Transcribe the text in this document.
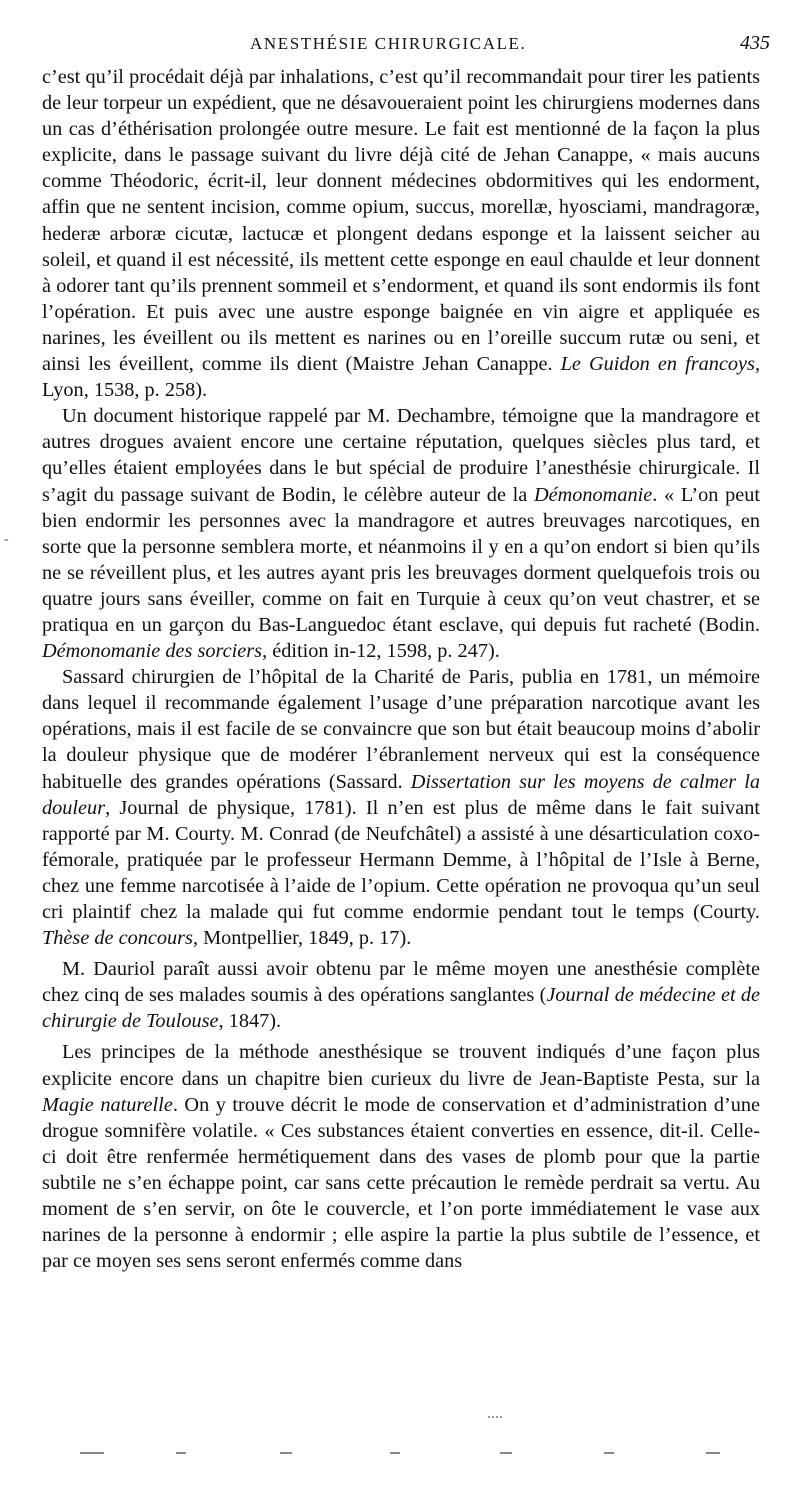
ANESTHÉSIE CHIRURGICALE.	435
-

c’est qu’il procédait déjà par inhalations, c’est qu’il recommandait pour tirer les patients de leur torpeur un expédient, que ne désavoueraient point les chirurgiens modernes dans un cas d’éthérisation prolongée outre mesure. Le fait est mentionné de la façon la plus explicite, dans le passage suivant du livre déjà cité de Jehan Canappe, « mais aucuns comme Théodoric, écrit-il, leur donnent médecines obdormitives qui les endorment, affin que ne sentent incision, comme opium, succus, morellæ, hyosciami, mandragoræ, hederæ arboræ cicutæ, lactucæ et plongent dedans esponge et la laissent seicher au soleil, et quand il est nécessité, ils mettent cette esponge en eaul chaulde et leur donnent à odorer tant qu’ils prennent sommeil et s’endorment, et quand ils sont endormis ils font l’opération. Et puis avec une austre esponge baignée en vin aigre et appliquée es narines, les éveillent ou ils mettent es narines ou en l’oreille succum rutæ ou seni, et ainsi les éveillent, comme ils dient (Maistre Jehan Canappe. Le Guidon en francoys, Lyon, 1538, p. 258).

Un document historique rappelé par M. Dechambre, témoigne que la mandragore et autres drogues avaient encore une certaine réputation, quelques siècles plus tard, et qu’elles étaient employées dans le but spécial de produire l’anesthésie chirurgicale. Il s’agit du passage suivant de Bodin, le célèbre auteur de la Démonomanie. « L’on peut bien endormir les personnes avec la mandragore et autres breuvages narcotiques, en sorte que la personne semblera morte, et néanmoins il y en a qu’on endort si bien qu’ils ne se réveillent plus, et les autres ayant pris les breuvages dorment quelquefois trois ou quatre jours sans éveiller, comme on fait en Turquie à ceux qu’on veut chastrer, et se pratiqua en un garçon du Bas-Languedoc étant esclave, qui depuis fut racheté (Bodin. Démonomanie des sorciers, édition in-12, 1598, p. 247).

Sassard chirurgien de l’hôpital de la Charité de Paris, publia en 1781, un mémoire dans lequel il recommande également l’usage d’une préparation narcotique avant les opérations, mais il est facile de se convaincre que son but était beaucoup moins d’abolir la douleur physique que de modérer l’ébranlement nerveux qui est la conséquence habituelle des grandes opérations (Sassard. Dissertation sur les moyens de calmer la douleur, Journal de physique, 1781). Il n’en est plus de même dans le fait suivant rapporté par M. Courty. M. Conrad (de Neufchâtel) a assisté à une désarticulation coxo-fémorale, pratiquée par le professeur Hermann Demme, à l’hôpital de l’Isle à Berne, chez une femme narcotisée à l’aide de l’opium. Cette opération ne provoqua qu’un seul cri plaintif chez la malade qui fut comme endormie pendant tout le temps (Courty. Thèse de concours, Montpellier, 1849, p. 17).

M. Dauriol paraît aussi avoir obtenu par le même moyen une anesthésie complète chez cinq de ses malades soumis à des opérations sanglantes (Journal de médecine et de chirurgie de Toulouse, 1847).

Les principes de la méthode anesthésique se trouvent indiqués d’une façon plus explicite encore dans un chapitre bien curieux du livre de Jean-Baptiste Pesta, sur la Magie naturelle. On y trouve décrit le mode de conservation et d’administration d’une drogue somnifère volatile. « Ces substances étaient converties en essence, dit-il. Celle-ci doit être renfermée hermétiquement dans des vases de plomb pour que la partie subtile ne s’en échappe point, car sans cette précaution le remède perdrait sa vertu. Au moment de s’en servir, on ôte le couvercle, et l’on porte immédiatement le vase aux narines de la personne à endormir ; elle aspire la partie la plus subtile de l’essence, et par ce moyen ses sens seront enfermés comme dans
